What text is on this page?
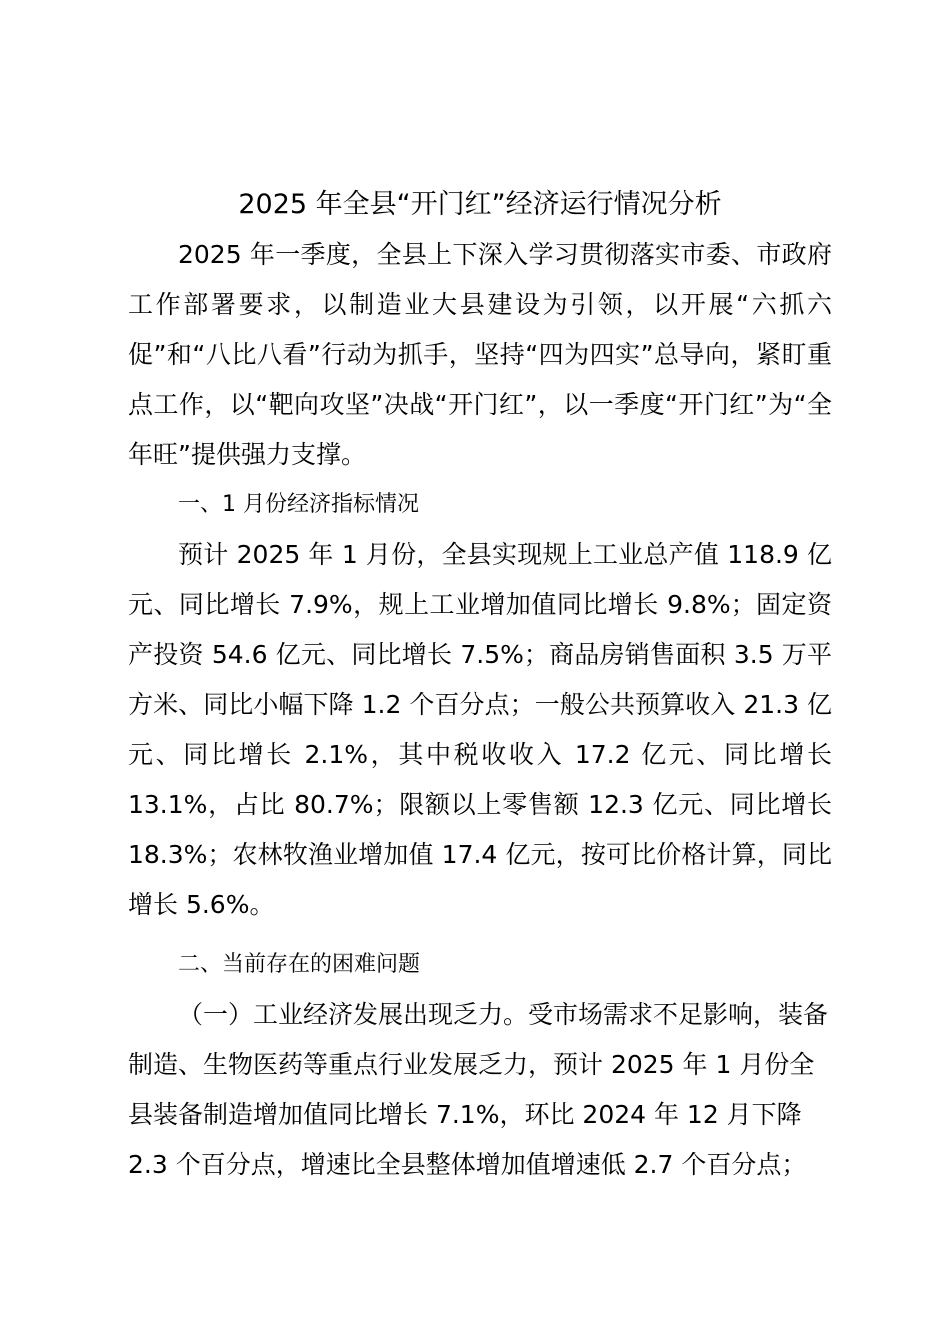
2025 年全县“开门红”经济运行情况分析

2025 年一季度，全县上下深入学习贯彻落实市委、市政府工作部署要求，以制造业大县建设为引领，以开展“六抓六促”和“八比八看”行动为抓手，坚持“四为四实”总导向，紧盯重点工作，以“靶向攻坚”决战“开门红”，以一季度“开门红”为“全年旺”提供强力支撑。

一、1 月份经济指标情况

预计 2025 年 1 月份，全县实现规上工业总产值 118.9 亿元、同比增长 7.9%，规上工业增加值同比增长 9.8%；固定资产投资 54.6 亿元、同比增长 7.5%；商品房销售面积 3.5 万平方米、同比小幅下降 1.2 个百分点；一般公共预算收入 21.3 亿元、同比增长 2.1%，其中税收收入 17.2 亿元、同比增长 13.1%，占比 80.7%；限额以上零售额 12.3 亿元、同比增长 18.3%；农林牧渔业增加值 17.4 亿元，按可比价格计算，同比增长 5.6%。

二、当前存在的困难问题

（一）工业经济发展出现乏力。受市场需求不足影响，装备制造、生物医药等重点行业发展乏力，预计 2025 年 1 月份全县装备制造增加值同比增长 7.1%，环比 2024 年 12 月下降 2.3 个百分点，增速比全县整体增加值增速低 2.7 个百分点；
